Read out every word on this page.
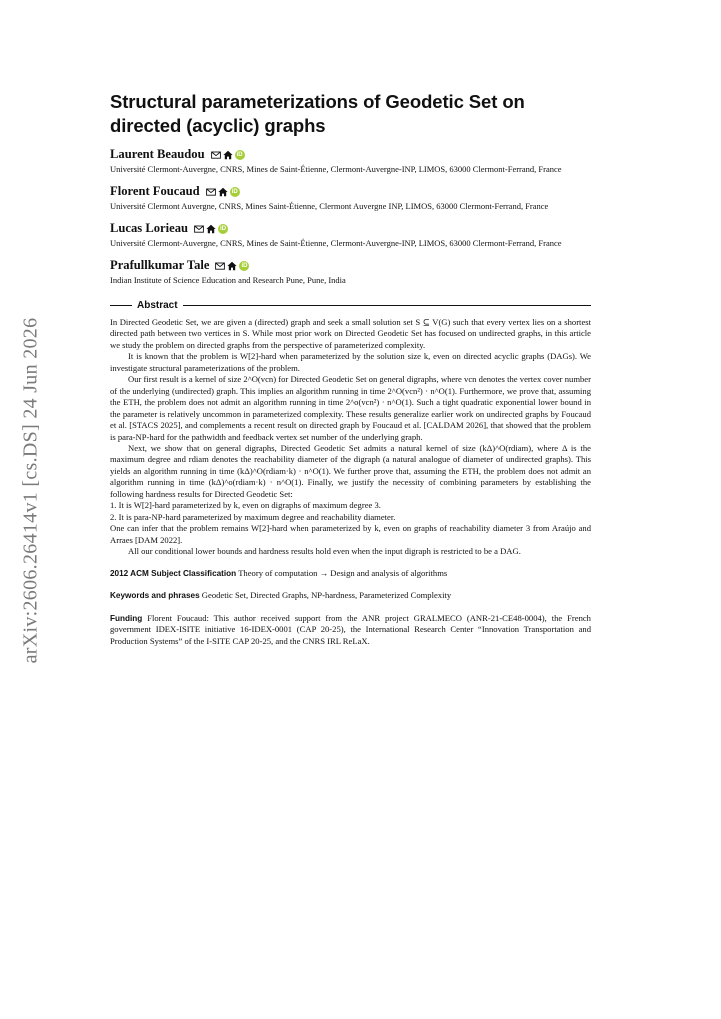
arXiv:2606.26414v1 [cs.DS] 24 Jun 2026
Structural parameterizations of Geodetic Set on directed (acyclic) graphs
Laurent Beaudou	iD
Université Clermont-Auvergne, CNRS, Mines de Saint-Étienne, Clermont-Auvergne-INP, LIMOS, 63000 Clermont-Ferrand, France
Florent Foucaud	iD
Université Clermont Auvergne, CNRS, Mines Saint-Étienne, Clermont Auvergne INP, LIMOS, 63000 Clermont-Ferrand, France
Lucas Lorieau	iD
Université Clermont-Auvergne, CNRS, Mines de Saint-Étienne, Clermont-Auvergne-INP, LIMOS, 63000 Clermont-Ferrand, France
Prafullkumar Tale	iD
Indian Institute of Science Education and Research Pune, Pune, India
Abstract

In Directed Geodetic Set, we are given a (directed) graph and seek a small solution set S ⊆ V(G) such that every vertex lies on a shortest directed path between two vertices in S. While most prior work on Directed Geodetic Set has focused on undirected graphs, in this article we study the problem on directed graphs from the perspective of parameterized complexity.

It is known that the problem is W[2]-hard when parameterized by the solution size k, even on directed acyclic graphs (DAGs). We investigate structural parameterizations of the problem.

Our first result is a kernel of size 2^O(vcn) for Directed Geodetic Set on general digraphs, where vcn denotes the vertex cover number of the underlying (undirected) graph. This implies an algorithm running in time 2^O(vcn²) · n^O(1). Furthermore, we prove that, assuming the ETH, the problem does not admit an algorithm running in time 2^o(vcn²) · n^O(1). Such a tight quadratic exponential lower bound in the parameter is relatively uncommon in parameterized complexity. These results generalize earlier work on undirected graphs by Foucaud et al. [STACS 2025], and complements a recent result on directed graph by Foucaud et al. [CALDAM 2026], that showed that the problem is para-NP-hard for the pathwidth and feedback vertex set number of the underlying graph.

Next, we show that on general digraphs, Directed Geodetic Set admits a natural kernel of size (kΔ)^O(rdiam), where Δ is the maximum degree and rdiam denotes the reachability diameter of the digraph (a natural analogue of diameter of undirected graphs). This yields an algorithm running in time (kΔ)^O(rdiam·k) · n^O(1). We further prove that, assuming the ETH, the problem does not admit an algorithm running in time (kΔ)^o(rdiam·k) · n^O(1). Finally, we justify the necessity of combining parameters by establishing the following hardness results for Directed Geodetic Set:

1. It is W[2]-hard parameterized by k, even on digraphs of maximum degree 3.
2. It is para-NP-hard parameterized by maximum degree and reachability diameter.

One can infer that the problem remains W[2]-hard when parameterized by k, even on graphs of reachability diameter 3 from Araújo and Arraes [DAM 2022].

All our conditional lower bounds and hardness results hold even when the input digraph is restricted to be a DAG.

2012 ACM Subject Classification Theory of computation → Design and analysis of algorithms
Keywords and phrases Geodetic Set, Directed Graphs, NP-hardness, Parameterized Complexity
Funding Florent Foucaud: This author received support from the ANR project GRALMECO (ANR-21-CE48-0004), the French government IDEX-ISITE initiative 16-IDEX-0001 (CAP 20-25), the International Research Center “Innovation Transportation and Production Systems” of the I-SITE CAP 20-25, and the CNRS IRL ReLaX.
